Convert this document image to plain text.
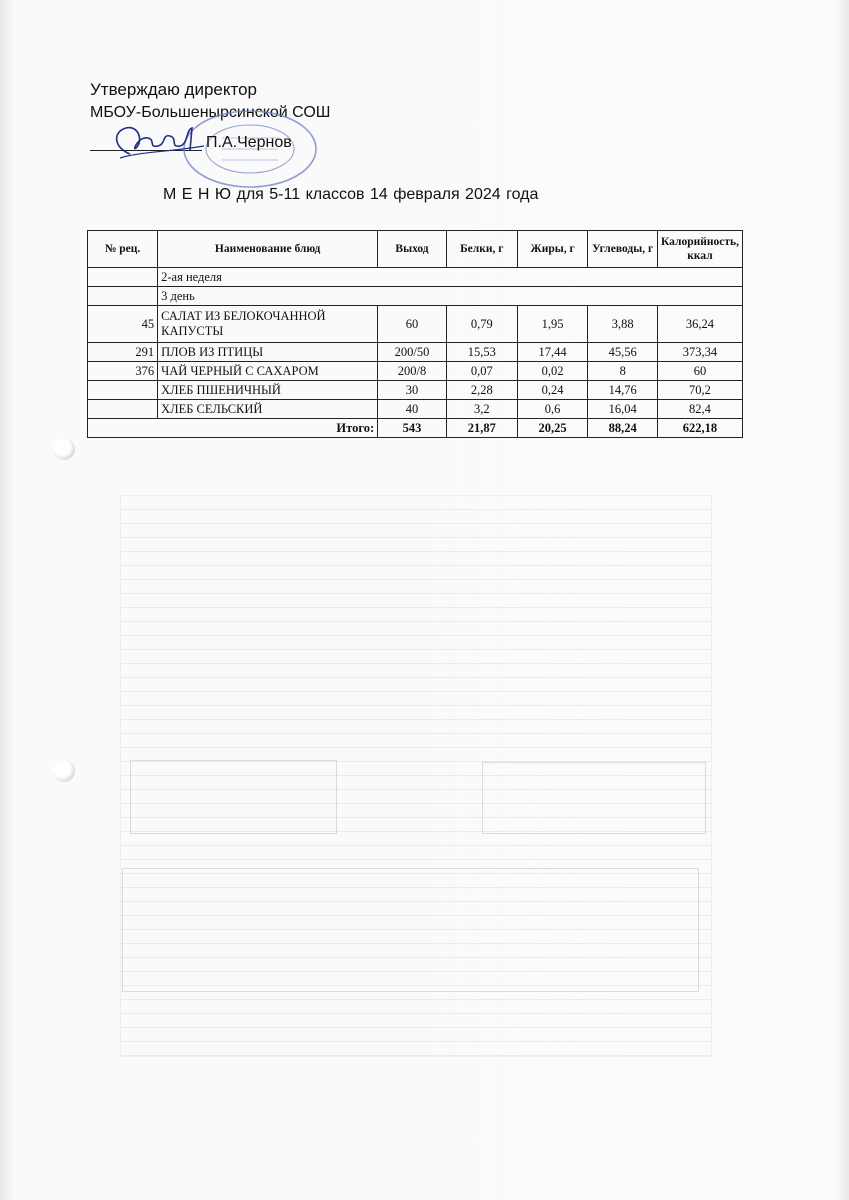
Утверждаю директор
МБОУ-Большенырсинской СОШ
П.А.Чернов
М Е Н Ю для 5-11 классов 14 февраля 2024 года
№ рец.	Наименование блюд	Выход	Белки, г	Жиры, г	Углеводы, г	Калорийность, ккал
	2-ая неделя					
	3 день					
45	САЛАТ ИЗ БЕЛОКОЧАННОЙ КАПУСТЫ	60	0,79	1,95	3,88	36,24
291	ПЛОВ ИЗ ПТИЦЫ	200/50	15,53	17,44	45,56	373,34
376	ЧАЙ ЧЕРНЫЙ С САХАРОМ	200/8	0,07	0,02	8	60
	ХЛЕБ ПШЕНИЧНЫЙ	30	2,28	0,24	14,76	70,2
	ХЛЕБ СЕЛЬСКИЙ	40	3,2	0,6	16,04	82,4
Итого:		543	21,87	20,25	88,24	622,18
